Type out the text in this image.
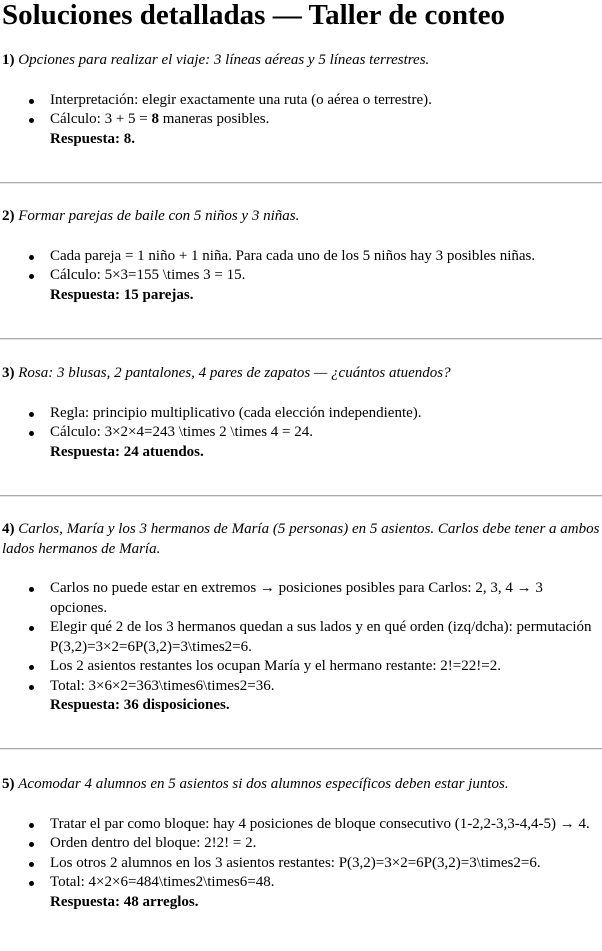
Soluciones detalladas — Taller de conteo

1) Opciones para realizar el viaje: 3 líneas aéreas y 5 líneas terrestres.

Interpretación: elegir exactamente una ruta (o aérea o terrestre).
Cálculo: 3 + 5 = 8 maneras posibles.
Respuesta: 8.

2) Formar parejas de baile con 5 niños y 3 niñas.

Cada pareja = 1 niño + 1 niña. Para cada uno de los 5 niños hay 3 posibles niñas.
Cálculo: 5×3=155 \times 3 = 15.
Respuesta: 15 parejas.

3) Rosa: 3 blusas, 2 pantalones, 4 pares de zapatos — ¿cuántos atuendos?

Regla: principio multiplicativo (cada elección independiente).
Cálculo: 3×2×4=243 \times 2 \times 4 = 24.
Respuesta: 24 atuendos.

4) Carlos, María y los 3 hermanos de María (5 personas) en 5 asientos. Carlos debe tener a ambos lados hermanos de María.

Carlos no puede estar en extremos → posiciones posibles para Carlos: 2, 3, 4 → 3 opciones.
Elegir qué 2 de los 3 hermanos quedan a sus lados y en qué orden (izq/dcha): permutación P(3,2)=3×2=6P(3,2)=3\times2=6.
Los 2 asientos restantes los ocupan María y el hermano restante: 2!=22!=2.
Total: 3×6×2=363\times6\times2=36.
Respuesta: 36 disposiciones.

5) Acomodar 4 alumnos en 5 asientos si dos alumnos específicos deben estar juntos.

Tratar el par como bloque: hay 4 posiciones de bloque consecutivo (1-2,2-3,3-4,4-5) → 4.
Orden dentro del bloque: 2!2! = 2.
Los otros 2 alumnos en los 3 asientos restantes: P(3,2)=3×2=6P(3,2)=3\times2=6.
Total: 4×2×6=484\times2\times6=48.
Respuesta: 48 arreglos.
